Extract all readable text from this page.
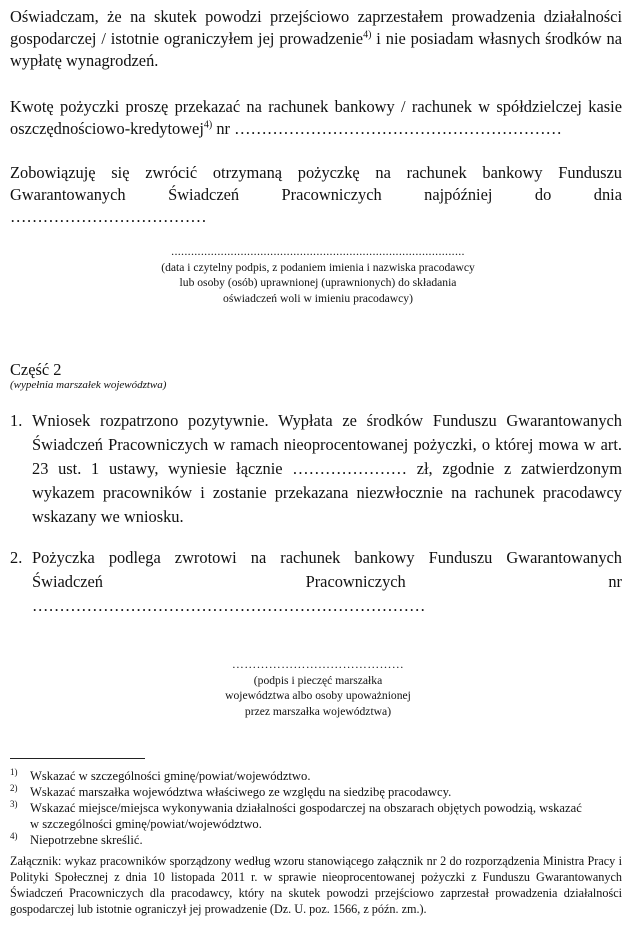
Oświadczam, że na skutek powodzi przejściowo zaprzestałem prowadzenia działalności gospodarczej / istotnie ograniczyłem jej prowadzenie$^{4)}$ i nie posiadam własnych środków na wypłatę wynagrodzeń.
Kwotę pożyczki proszę przekazać na rachunek bankowy / rachunek w spółdzielczej kasie oszczędnościowo-kredytowej$^{4)}$ nr ……………………………………………………
Zobowiązuję się zwrócić otrzymaną pożyczkę na rachunek bankowy Funduszu Gwarantowanych Świadczeń Pracowniczych najpóźniej do dnia ………………………………
.........................................................................................
(data i czytelny podpis, z podaniem imienia i nazwiska pracodawcy
lub osoby (osób) uprawnionej (uprawnionych) do składania
oświadczeń woli w imieniu pracodawcy)
Część 2
(wypełnia marszałek województwa)
1. Wniosek rozpatrzono pozytywnie. Wypłata ze środków Funduszu Gwarantowanych Świadczeń Pracowniczych w ramach nieoprocentowanej pożyczki, o której mowa w art. 23 ust. 1 ustawy, wyniesie łącznie ………………… zł, zgodnie z zatwierdzonym wykazem pracowników i zostanie przekazana niezwłocznie na rachunek pracodawcy wskazany we wniosku.
2. Pożyczka podlega zwrotowi na rachunek bankowy Funduszu Gwarantowanych Świadczeń Pracowniczych nr ………………………………………………………………
……………………………………
(podpis i pieczęć marszałka
województwa albo osoby upoważnionej
przez marszałka województwa)
1) Wskazać w szczególności gminę/powiat/województwo.
2) Wskazać marszałka województwa właściwego ze względu na siedzibę pracodawcy.
3) Wskazać miejsce/miejsca wykonywania działalności gospodarczej na obszarach objętych powodzią, wskazać
w szczególności gminę/powiat/województwo.
4) Niepotrzebne skreślić.
Załącznik: wykaz pracowników sporządzony według wzoru stanowiącego załącznik nr 2 do rozporządzenia Ministra Pracy i Polityki Społecznej z dnia 10 listopada 2011 r. w sprawie nieoprocentowanej pożyczki z Funduszu Gwarantowanych Świadczeń Pracowniczych dla pracodawcy, który na skutek powodzi przejściowo zaprzestał prowadzenia działalności gospodarczej lub istotnie ograniczył jej prowadzenie (Dz. U. poz. 1566, z późn. zm.).
